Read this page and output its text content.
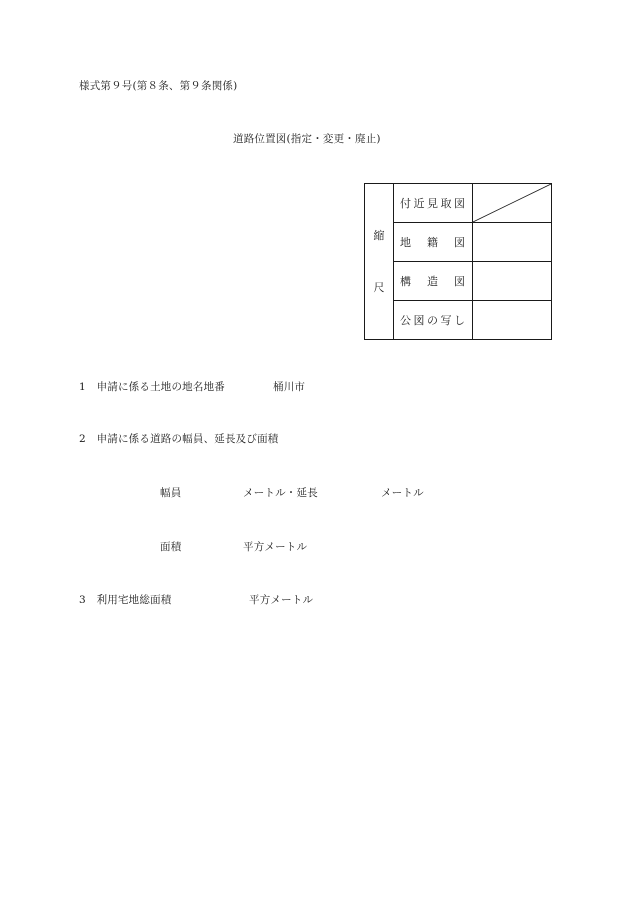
様式第９号(第８条、第９条関係)
道路位置図(指定・変更・廃止)
縮
尺	付近見取図	

	地籍図	
	構造図	
	公図の写し	
1　申請に係る土地の地名地番	桶川市
2　申請に係る道路の幅員、延長及び面積
幅員	メートル・延長	メートル
面積	平方メートル
3　利用宅地総面積	平方メートル
